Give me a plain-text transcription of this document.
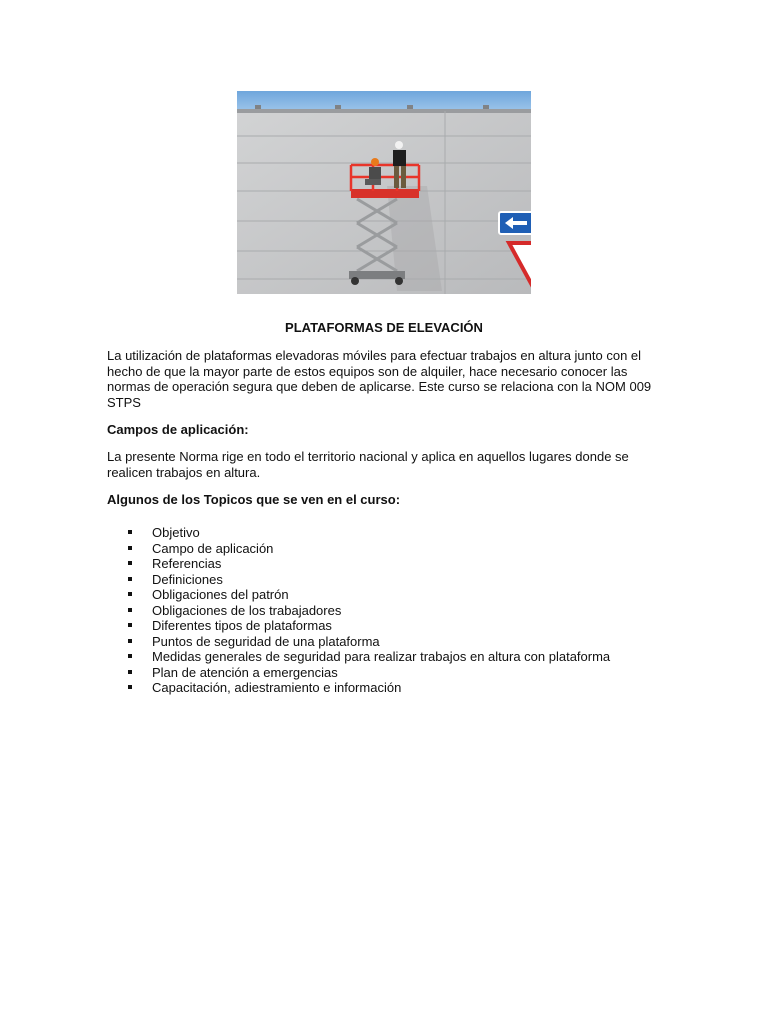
PLATAFORMAS DE ELEVACIÓN

La utilización de plataformas elevadoras móviles para efectuar trabajos en altura junto con el hecho de que la mayor parte de estos equipos son de alquiler, hace necesario conocer las normas de operación segura que deben de aplicarse. Este curso se relaciona con la NOM 009 STPS

Campos de aplicación:

La presente Norma rige en todo el territorio nacional y aplica en aquellos lugares donde se realicen trabajos en altura.

Algunos de los Topicos que se ven en el curso:

Objetivo
Campo de aplicación
Referencias
Definiciones
Obligaciones del patrón
Obligaciones de los trabajadores
Diferentes tipos de plataformas
Puntos de seguridad de una plataforma
Medidas generales de seguridad para realizar trabajos en altura con plataforma
Plan de atención a emergencias
Capacitación, adiestramiento e información
